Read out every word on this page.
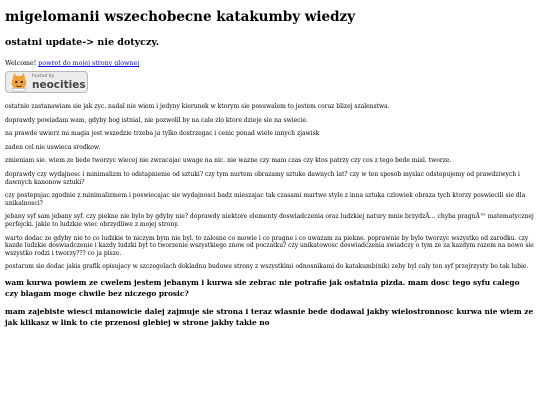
migelomanii wszechobecne katakumby wiedzy
ostatni update-> nie dotyczy.
Welcome! powrot do mojej strony glownej
hosted by
neocities

ostatnio zastanawiam sie jak zyc. nadal nie wiem i jedyny kierunek w ktorym sie posuwalem to jestem coraz blizej szalenstwa.

doprawdy powiadam wam, gdyby bog istnial, nie pozwolil by na cale zlo ktore dzieje sie na swiecie.

na prawde uwierz mi magia jest wszedzie trzeba ja tylko dostrzegac i cenic ponad wiele innych zjawisk

zaden cel nie uswieca srodkow.

zmieniam sie. wiem ze bede tworzyc wiecej nie zwracajac uwage na nic. nie wazne czy mam czas czy ktos patrzy czy cos z tego bede mial. tworze.

doprawdy czy wydajnosc i minimalizm to odstapnienie od sztuki? czy tym nurtem obrazamy sztuke dawnych lat? czy w ten sposob myslac odstepujemy od prawdziwych i dawnych kanonow sztuki?

czy postepujac zgodnie z minimalizmem i poswiecajac sie wydajnosci badz mieszajac tak czasami martwe style z inna sztuka czlowiek obraza tych ktorzy poswiecili sie dla unikalnosci?

jebany syf sam jebany syf. czy piekne nie bylo by gdyby nie? doprawdy niektore elementy doswiadczenia oraz ludzkiej natury mnie brzydzÄ… chyba pragnÄ™ matematycznej perfejcki. jakie to ludzkie wiec obrzydliwe z mojej strony.

warto dodac ze gdyby nie to co ludzkie to niczym bym nie byl. to zalosne co mowie i co pragne i co uwazam za piekne. poprawnie by bylo tworzyc wszystko od zarodku. czy kazde ludzkie doswiadczenie i kazdy ludzki byt to tworzenie wszystkiego znow od poczatku? czy unikatowosc doswiadczenia swiadczy o tym ze za kazdym razem na nowo sie wszystko rodzi i tworzy??? co ja pisze.

postarum sie dodac jakis grafik opisujacy w szczegolach dokladnu budowe strony z wszystkimi odnosnikami do katakumb(nik) zeby byl caly ten syf przejrzysty bo tak lubie.

wam kurwa powiem ze cwelem jestem jebanym i kurwa sie zebrac nie potrafie jak ostatnia pizda. mam dosc tego syfu calego czy blagam moge chwile bez niczego prosic?
mam zajebiste wiesci mianowicie dalej zajmuje sie strona i teraz wlasnie bede dodawal jakby wielostronnosc kurwa nie wiem ze jak klikasz w link to cie przenosi glebiej w strone jakby takie no
